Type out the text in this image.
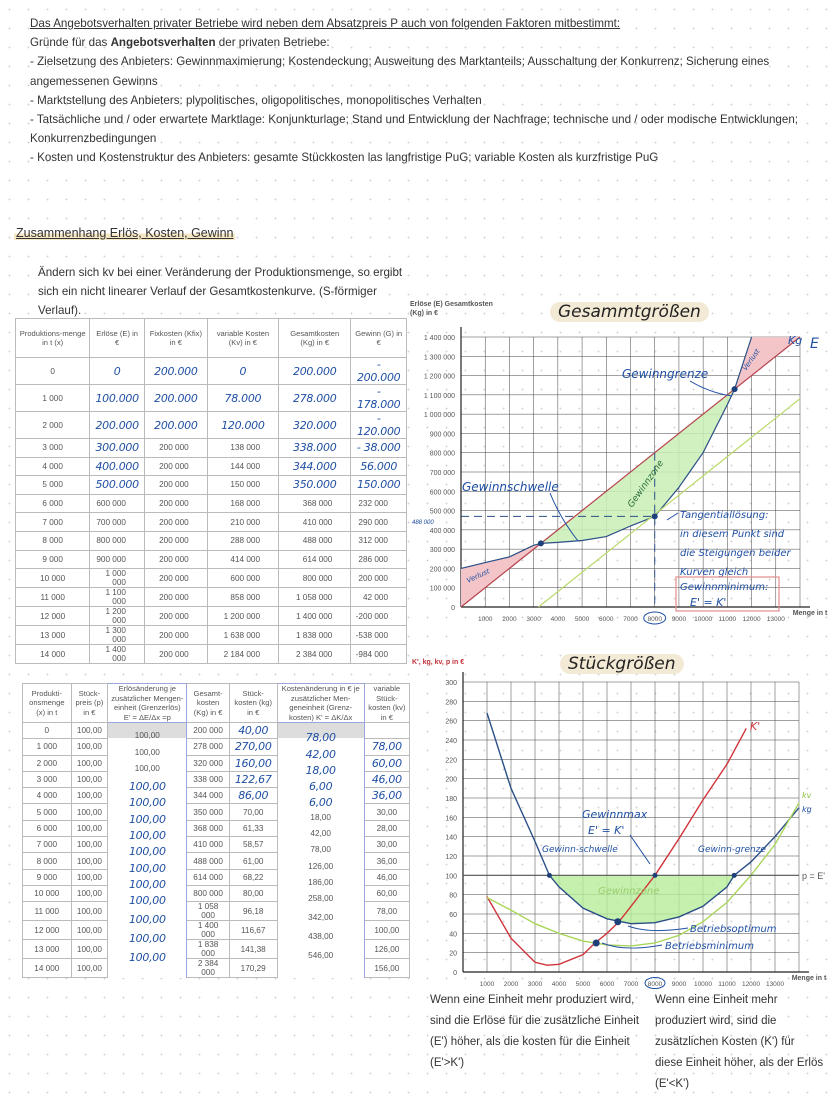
Das Angebotsverhalten privater Betriebe wird neben dem Absatzpreis P auch von folgenden Faktoren mitbestimmt:
Gründe für das Angebotsverhalten der privaten Betriebe:
- Zielsetzung des Anbieters: Gewinnmaximierung; Kostendeckung; Ausweitung des Marktanteils; Ausschaltung der Konkurrenz; Sicherung eines angemessenen Gewinns
- Marktstellung des Anbieters: plypolitisches, oligopolitisches, monopolitisches Verhalten
- Tatsächliche und / oder erwartete Marktlage: Konjunkturlage; Stand und Entwicklung der Nachfrage; technische und / oder modische Entwicklungen; Konkurrenzbedingungen
- Kosten und Kostenstruktur des Anbieters: gesamte Stückkosten las langfristige PuG; variable Kosten als kurzfristige PuG
Zusammenhang Erlös, Kosten, Gewinn
Ändern sich kv bei einer Veränderung der Produktionsmenge, so ergibt sich ein nicht linearer Verlauf der Gesamtkostenkurve. (S-förmiger Verlauf).
Produktions-menge in t (x)	Erlöse (E) in €	Fixkosten (Kfix) in €	variable Kosten (Kv) in €	Gesamtkosten (Kg) in €	Gewinn (G) in €
0	0	200.000	0	200.000	- 200.000
1 000	100.000	200.000	78.000	278.000	- 178.000
2 000	200.000	200.000	120.000	320.000	- 120.000
3 000	300.000	200 000	138 000	338.000	- 38.000
4 000	400.000	200 000	144 000	344.000	56.000
5 000	500.000	200 000	150 000	350.000	150.000
6 000	600 000	200 000	168 000	368 000	232 000
7 000	700 000	200 000	210 000	410 000	290 000
8 000	800 000	200 000	288 000	488 000	312 000
9 000	900 000	200 000	414 000	614 000	286 000
10 000	1 000 000	200 000	600 000	800 000	200 000
11 000	1 100 000	200 000	858 000	1 058 000	42 000
12 000	1 200 000	200 000	1 200 000	1 400 000	-200 000
13 000	1 300 000	200 000	1 638 000	1 838 000	-538 000
14 000	1 400 000	200 000	2 184 000	2 384 000	-984 000
Produkti-onsmenge (x) in t	Stück-preis (p) in €	Erlösänderung je zusätzlicher Mengen-einheit (Grenzerlös) E' = ΔE/Δx =p	Gesamt-kosten (Kg) in €	Stück-kosten (kg) in €	Kostenänderung in € je zusätzlicher Men-geneinheit (Grenz-kosten) K' = ΔK/Δx	variable Stück-kosten (kv) in €
0	100,00		200 000	40,00	

1 000	100,00	100,00	278 000	270,00	78,00	78,00
2 000	100,00	100,00	320 000	160,00	42,00	60,00
3 000	100,00	100,00	338 000	122,67	18,00	46,00
4 000	100,00	100,00	344 000	86,00	6,00	36,00
5 000	100,00	100,00	350 000	70,00	6,00	30,00
6 000	100,00	100,00	368 000	61,33	18,00	28,00
7 000	100,00	100,00	410 000	58,57	42,00	30,00
8 000	100,00	100,00	488 000	61,00	78,00	36,00
9 000	100,00	100,00	614 000	68,22	126,00	46,00
10 000	100,00	100,00	800 000	80,00	186,00	60,00
11 000	100,00	100,00	1 058 000	96,18	258,00	78,00
12 000	100,00	100,00	1 400 000	116,67	342,00	100,00
13 000	100,00	100,00	1 838 000	141,38	438,00	126,00
14 000	100,00	100,00	2 384 000	170,29	546,00	156,00
0
100 000
200 000
300 000
400 000
500 000
600 000
700 000
800 000
900 000
1 000 000
1 100 000
1 200 000
1 300 000
1 400 000
1000 2000 3000 4000 5000 6000 7000 8000 9000 10000 11000 12000 13000
Menge in t
Gewinnschwelle
Gewinngrenze
Gewinnzone
Verlust
Verlust
Kg E
488 000
Tangentiallösung:
in diesem Punkt sind
die Steigungen beider
Kurven gleich
Gewinnminimum:
E' = K'
Erlöse (E) Gesamtkosten (Kg) in €	Gesammtgrößen
0
20
40
60
80
100
120
140
160
180
200
220
240
260
280
300
1000 2000 3000 4000 5000 6000 7000 8000 9000 10000 11000 12000 13000
Menge in t
K', kg, kv, p in €
Gewinnmax
E' = K'
Gewinn-schwelle	Gewinn-grenze
Gewinnzone
Betriebsoptimum
Betriebsminimum
K'
kv
kg
p = E'
Stückgrößen
Wenn eine Einheit mehr produziert wird, sind die Erlöse für die zusätzliche Einheit (E') höher, als die kosten für die Einheit (E'>K')
Wenn eine Einheit mehr produziert wird, sind die zusätzlichen Kosten (K') für diese Einheit höher, als der Erlös (E'<K')
